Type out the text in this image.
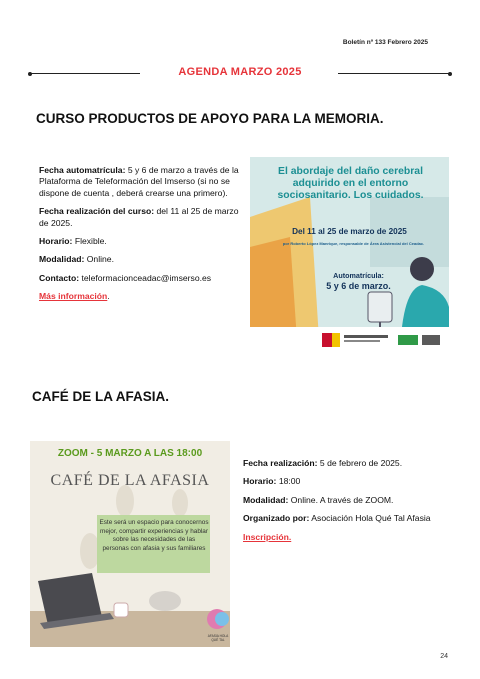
Boletín nº 133 Febrero 2025
AGENDA MARZO 2025
CURSO PRODUCTOS DE APOYO PARA LA MEMORIA.

Fecha automatrícula: 5 y 6 de marzo a través de la Plataforma de Teleformación del Imserso (si no se dispone de cuenta , deberá crearse una primero).

Fecha realización del curso: del 11 al 25 de marzo de 2025.

Horario: Flexible.

Modalidad: Online.

Contacto: teleformacionceadac@imserso.es

Más información.

El abordaje del daño cerebral adquirido en el entorno sociosanitario. Los cuidados.
Del 11 al 25 de marzo de 2025
por Roberto López Manrique, responsable de Área Asistencial del Ceadac.
Automatrícula:
5 y 6 de marzo.
CAFÉ DE LA AFASIA.
ZOOM - 5 MARZO A LAS 18:00
CAFÉ DE LA AFASIA
Este será un espacio para conocernos mejor, compartir experiencias y hablar sobre las necesidades de las personas con afasia y sus familiares
AFASIA HOLA QUÉ TAL

Fecha realización: 5 de febrero de 2025.

Horario: 18:00

Modalidad: Online. A través de ZOOM.

Organizado por: Asociación Hola Qué Tal Afasia

Inscripción.

24
